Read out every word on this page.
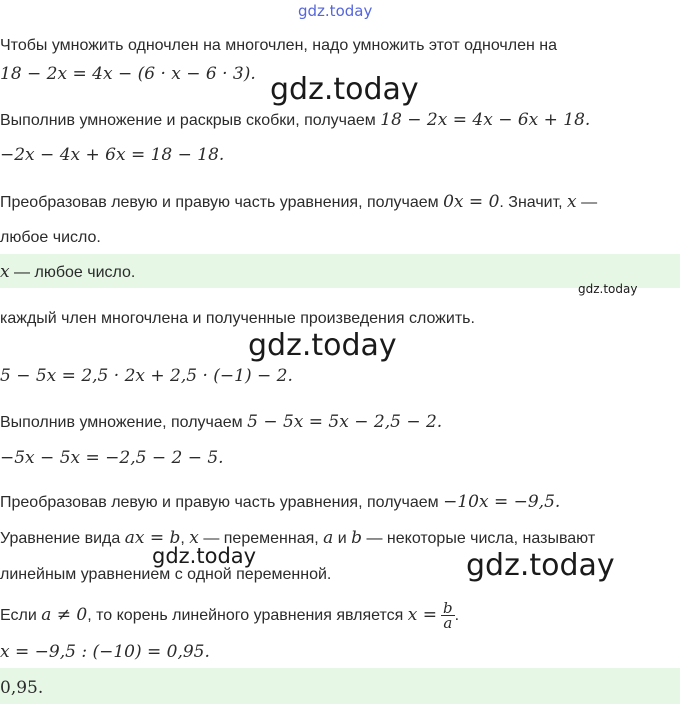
gdz.today
Чтобы умножить одночлен на многочлен, надо умножить этот одночлен на
18 − 2x = 4x − (6 · x − 6 · 3). gdz.today
Выполнив умножение и раскрыв скобки, получаем 18 − 2x = 4x − 6x + 18.
−2x − 4x + 6x = 18 − 18.
Преобразовав левую и правую часть уравнения, получаем 0x = 0. Значит, x —
любое число.
x — любое число.
gdz.today
каждый член многочлена и полученные произведения сложить.
gdz.today
5 − 5x = 2,5 · 2x + 2,5 · (−1) − 2.
Выполнив умножение, получаем 5 − 5x = 5x − 2,5 − 2.
−5x − 5x = −2,5 − 2 − 5.
Преобразовав левую и правую часть уравнения, получаем −10x = −9,5.
Уравнение вида ax = b, x — переменная, a и b — некоторые числа, называют
gdz.today
линейным уравнением с одной переменной.	gdz.today
Если a ≠ 0, то корень линейного уравнения является $x = \frac{b}{a}$ .
x = −9,5 : (−10) = 0,95.
0,95.
